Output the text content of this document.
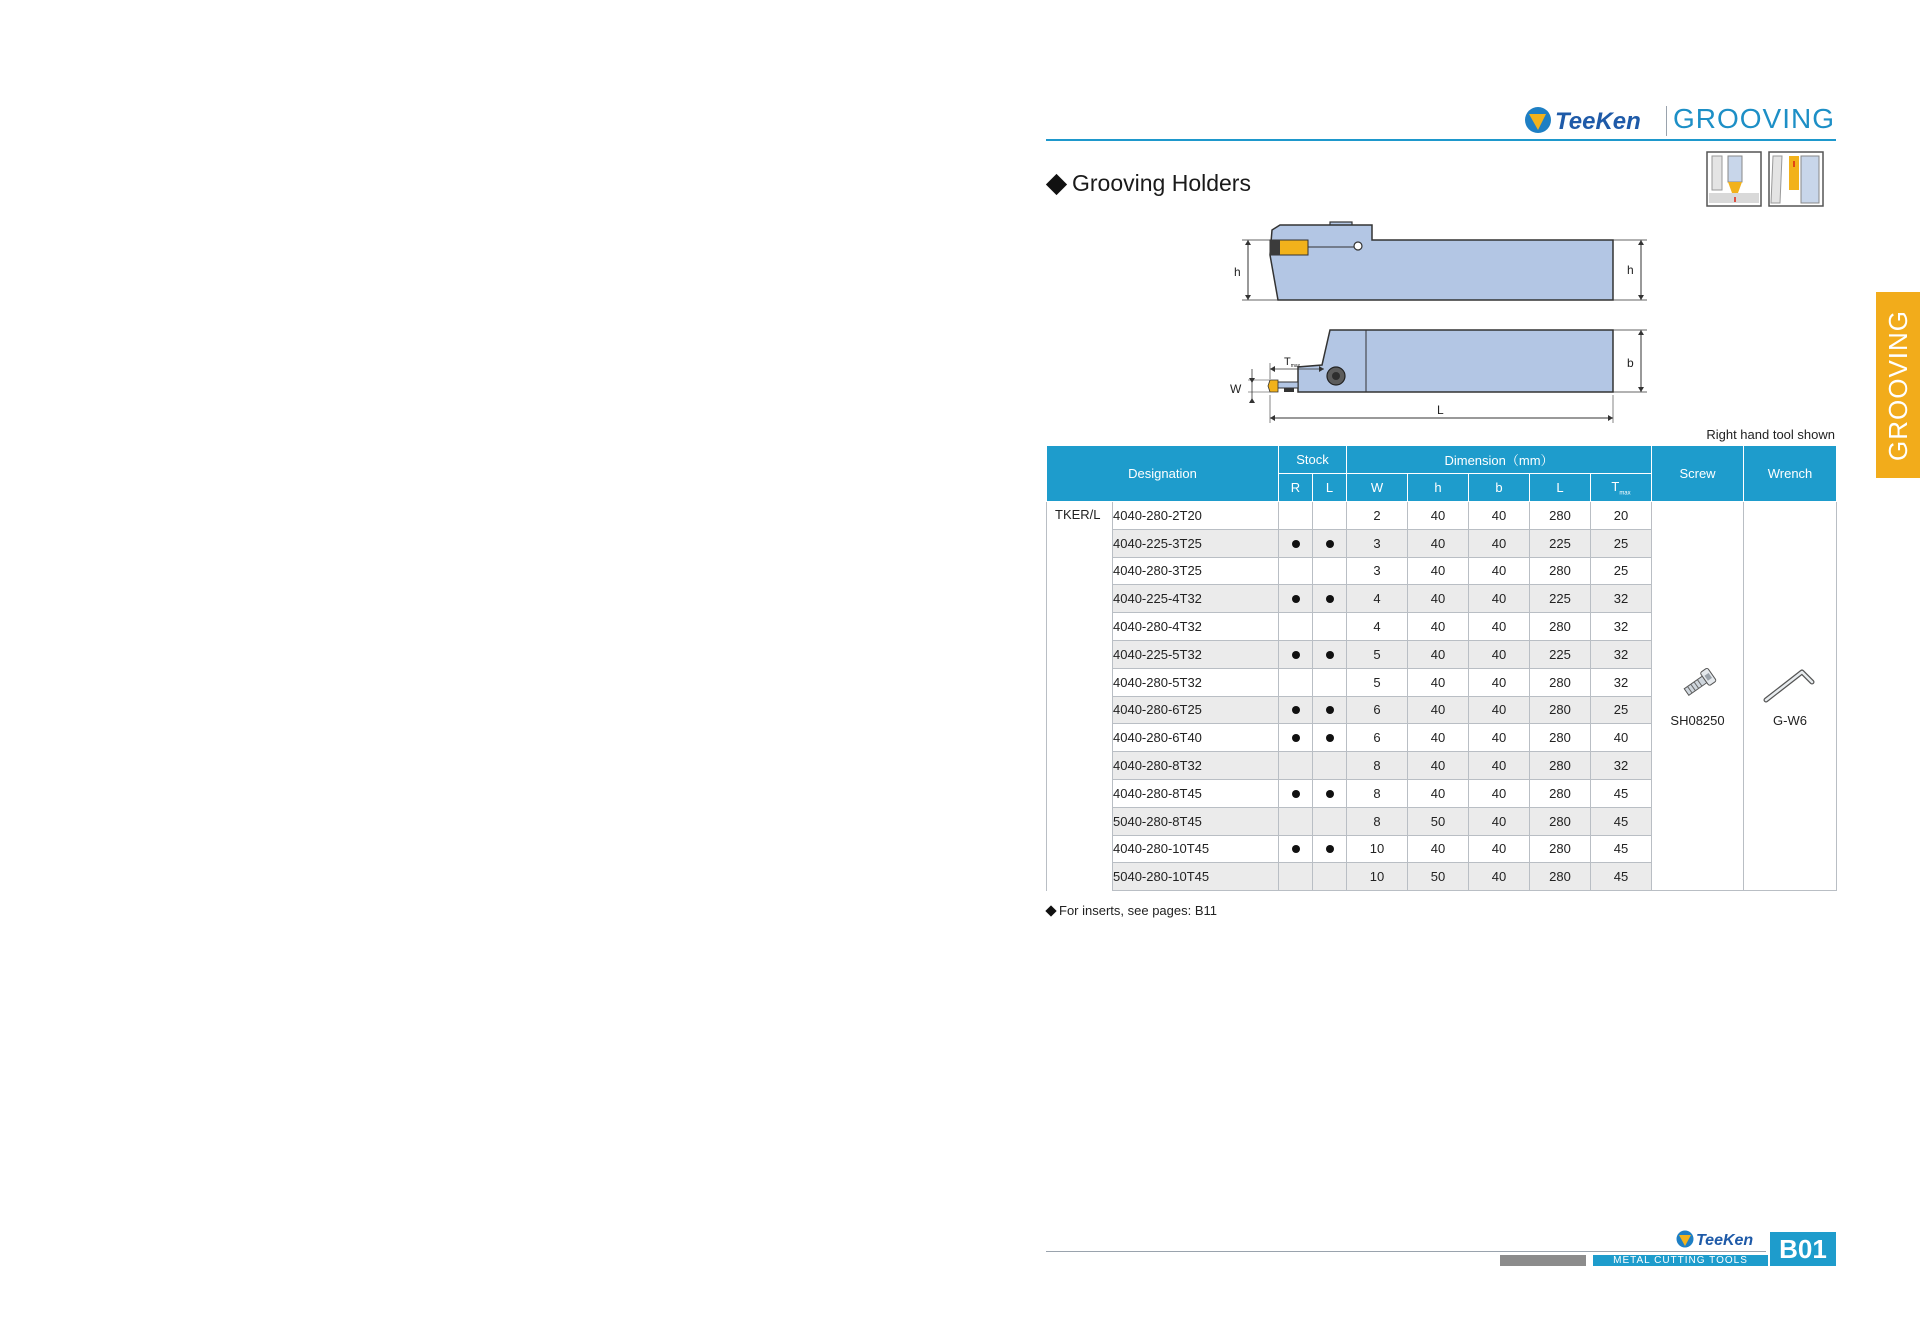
TeeKen GROOVING
Grooving Holders
GROOVING
h	h
Tmax
W
b
L
Right hand tool shown
Designation		Stock		Dimension（mm）					Screw	Wrench
		R	L	W	h	b	L	$T_{max}$
TKER/L	4040-280-2T20			2	40	40	280	20	SH08250	G-W6

	4040-225-3T25			3	40	40	225	25		
	4040-280-3T25			3	40	40	280	25		
	4040-225-4T32			4	40	40	225	32		
	4040-280-4T32			4	40	40	280	32		
	4040-225-5T32			5	40	40	225	32		
	4040-280-5T32			5	40	40	280	32		
	4040-280-6T25			6	40	40	280	25		
	4040-280-6T40			6	40	40	280	40		
	4040-280-8T32			8	40	40	280	32		
	4040-280-8T45			8	40	40	280	45		
	5040-280-8T45			8	50	40	280	45		
	4040-280-10T45			10	40	40	280	45		
	5040-280-10T45			10	50	40	280	45		
For inserts, see pages: B11
TeeKen
METAL CUTTING TOOLS	B01
